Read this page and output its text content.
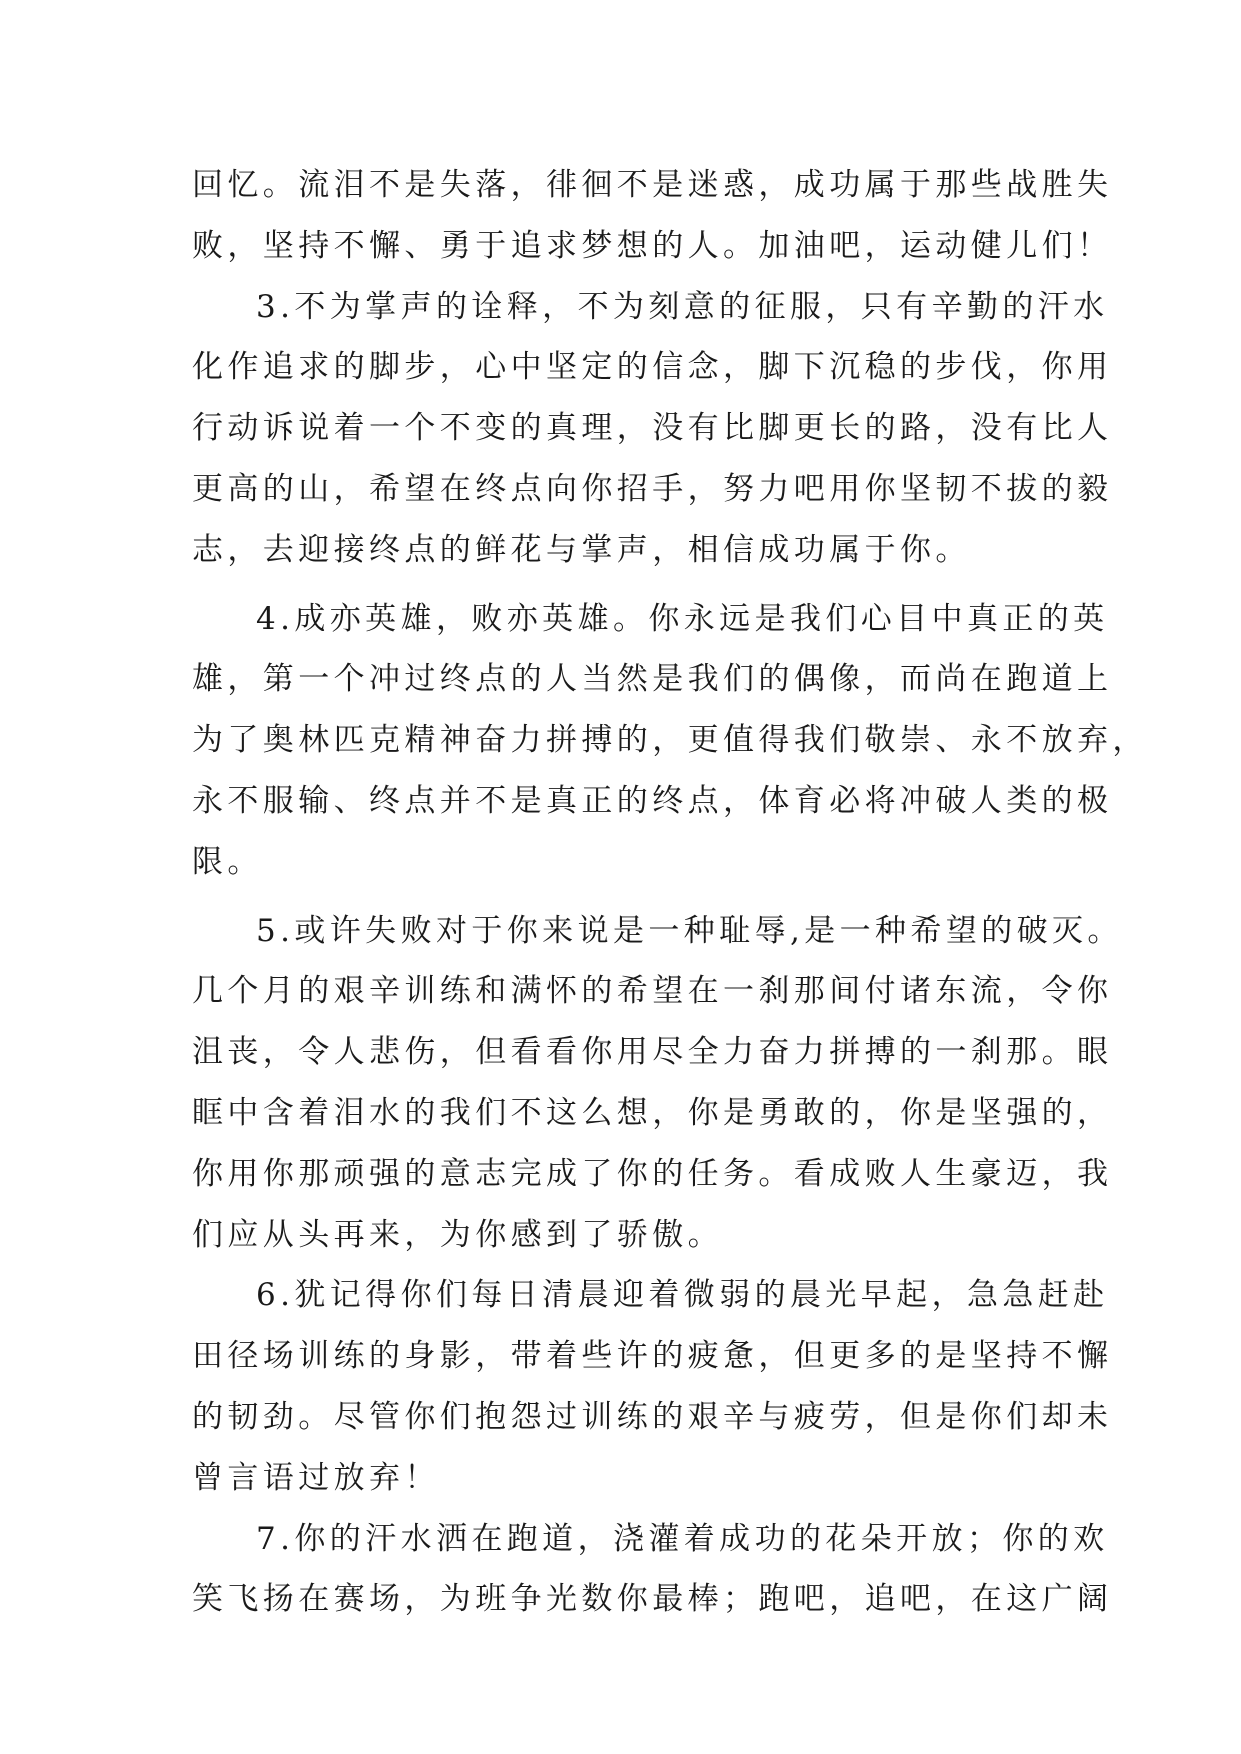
回忆。流泪不是失落，徘徊不是迷惑，成功属于那些战胜失
败，坚持不懈、勇于追求梦想的人。加油吧，运动健儿们！
3.不为掌声的诠释，不为刻意的征服，只有辛勤的汗水
化作追求的脚步，心中坚定的信念，脚下沉稳的步伐，你用
行动诉说着一个不变的真理，没有比脚更长的路，没有比人
更高的山，希望在终点向你招手，努力吧用你坚韧不拔的毅
志，去迎接终点的鲜花与掌声，相信成功属于你。
4.成亦英雄，败亦英雄。你永远是我们心目中真正的英
雄，第一个冲过终点的人当然是我们的偶像，而尚在跑道上
为了奥林匹克精神奋力拼搏的，更值得我们敬崇、永不放弃，
永不服输、终点并不是真正的终点，体育必将冲破人类的极
限。
5.或许失败对于你来说是一种耻辱,是一种希望的破灭。
几个月的艰辛训练和满怀的希望在一刹那间付诸东流，令你
沮丧，令人悲伤，但看看你用尽全力奋力拼搏的一刹那。眼
眶中含着泪水的我们不这么想，你是勇敢的，你是坚强的，
你用你那顽强的意志完成了你的任务。看成败人生豪迈，我
们应从头再来，为你感到了骄傲。
6.犹记得你们每日清晨迎着微弱的晨光早起，急急赶赴
田径场训练的身影，带着些许的疲惫，但更多的是坚持不懈
的韧劲。尽管你们抱怨过训练的艰辛与疲劳，但是你们却未
曾言语过放弃！
7.你的汗水洒在跑道，浇灌着成功的花朵开放；你的欢
笑飞扬在赛场，为班争光数你最棒；跑吧，追吧，在这广阔
